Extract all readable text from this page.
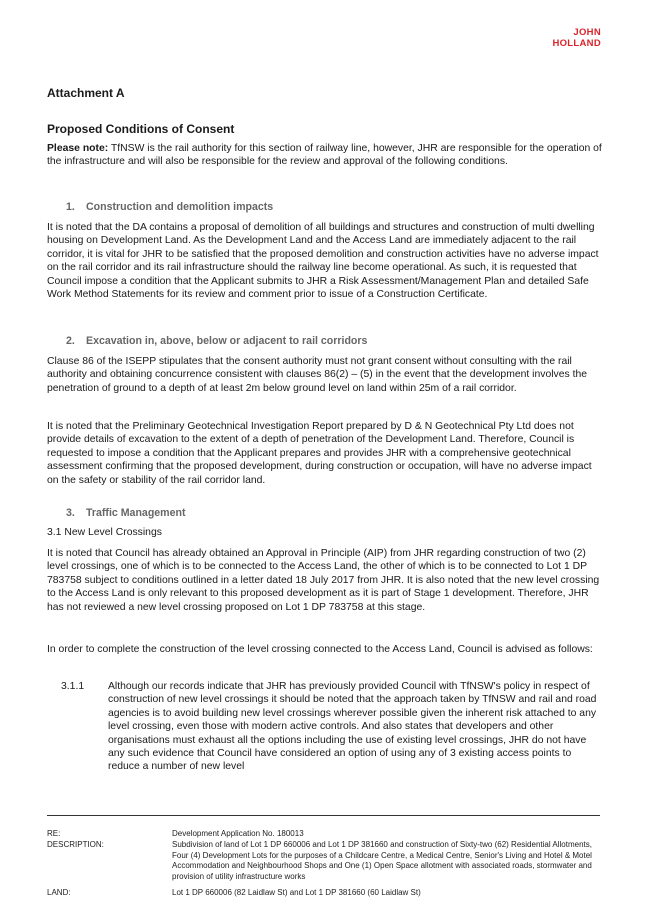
JOHN
HOLLAND
Attachment A
Proposed Conditions of Consent

Please note: TfNSW is the rail authority for this section of railway line, however, JHR are responsible for the operation of the infrastructure and will also be responsible for the review and approval of the following conditions.

1. Construction and demolition impacts

It is noted that the DA contains a proposal of demolition of all buildings and structures and construction of multi dwelling housing on Development Land. As the Development Land and the Access Land are immediately adjacent to the rail corridor, it is vital for JHR to be satisfied that the proposed demolition and construction activities have no adverse impact on the rail corridor and its rail infrastructure should the railway line become operational. As such, it is requested that Council impose a condition that the Applicant submits to JHR a Risk Assessment/Management Plan and detailed Safe Work Method Statements for its review and comment prior to issue of a Construction Certificate.

2. Excavation in, above, below or adjacent to rail corridors

Clause 86 of the ISEPP stipulates that the consent authority must not grant consent without consulting with the rail authority and obtaining concurrence consistent with clauses 86(2) – (5) in the event that the development involves the penetration of ground to a depth of at least 2m below ground level on land within 25m of a rail corridor.

It is noted that the Preliminary Geotechnical Investigation Report prepared by D & N Geotechnical Pty Ltd does not provide details of excavation to the extent of a depth of penetration of the Development Land. Therefore, Council is requested to impose a condition that the Applicant prepares and provides JHR with a comprehensive geotechnical assessment confirming that the proposed development, during construction or occupation, will have no adverse impact on the safety or stability of the rail corridor land.

3. Traffic Management
3.1 New Level Crossings

It is noted that Council has already obtained an Approval in Principle (AIP) from JHR regarding construction of two (2) level crossings, one of which is to be connected to the Access Land, the other of which is to be connected to Lot 1 DP 783758 subject to conditions outlined in a letter dated 18 July 2017 from JHR. It is also noted that the new level crossing to the Access Land is only relevant to this proposed development as it is part of Stage 1 development. Therefore, JHR has not reviewed a new level crossing proposed on Lot 1 DP 783758 at this stage.

In order to complete the construction of the level crossing connected to the Access Land, Council is advised as follows:

3.1.1 Although our records indicate that JHR has previously provided Council with TfNSW's policy in respect of construction of new level crossings it should be noted that the approach taken by TfNSW and rail and road agencies is to avoid building new level crossings wherever possible given the inherent risk attached to any level crossing, even those with modern active controls. And also states that developers and other organisations must exhaust all the options including the use of existing level crossings, JHR do not have any such evidence that Council have considered an option of using any of 3 existing access points to reduce a number of new level
RE:	Development Application No. 180013
DESCRIPTION:	Subdivision of land of Lot 1 DP 660006 and Lot 1 DP 381660 and construction of Sixty-two (62) Residential Allotments, Four (4) Development Lots for the purposes of a Childcare Centre, a Medical Centre, Senior's Living and Hotel & Motel Accommodation and Neighbourhood Shops and One (1) Open Space allotment with associated roads, stormwater and provision of utility infrastructure works
LAND:	Lot 1 DP 660006 (82 Laidlaw St) and Lot 1 DP 381660 (60 Laidlaw St)
